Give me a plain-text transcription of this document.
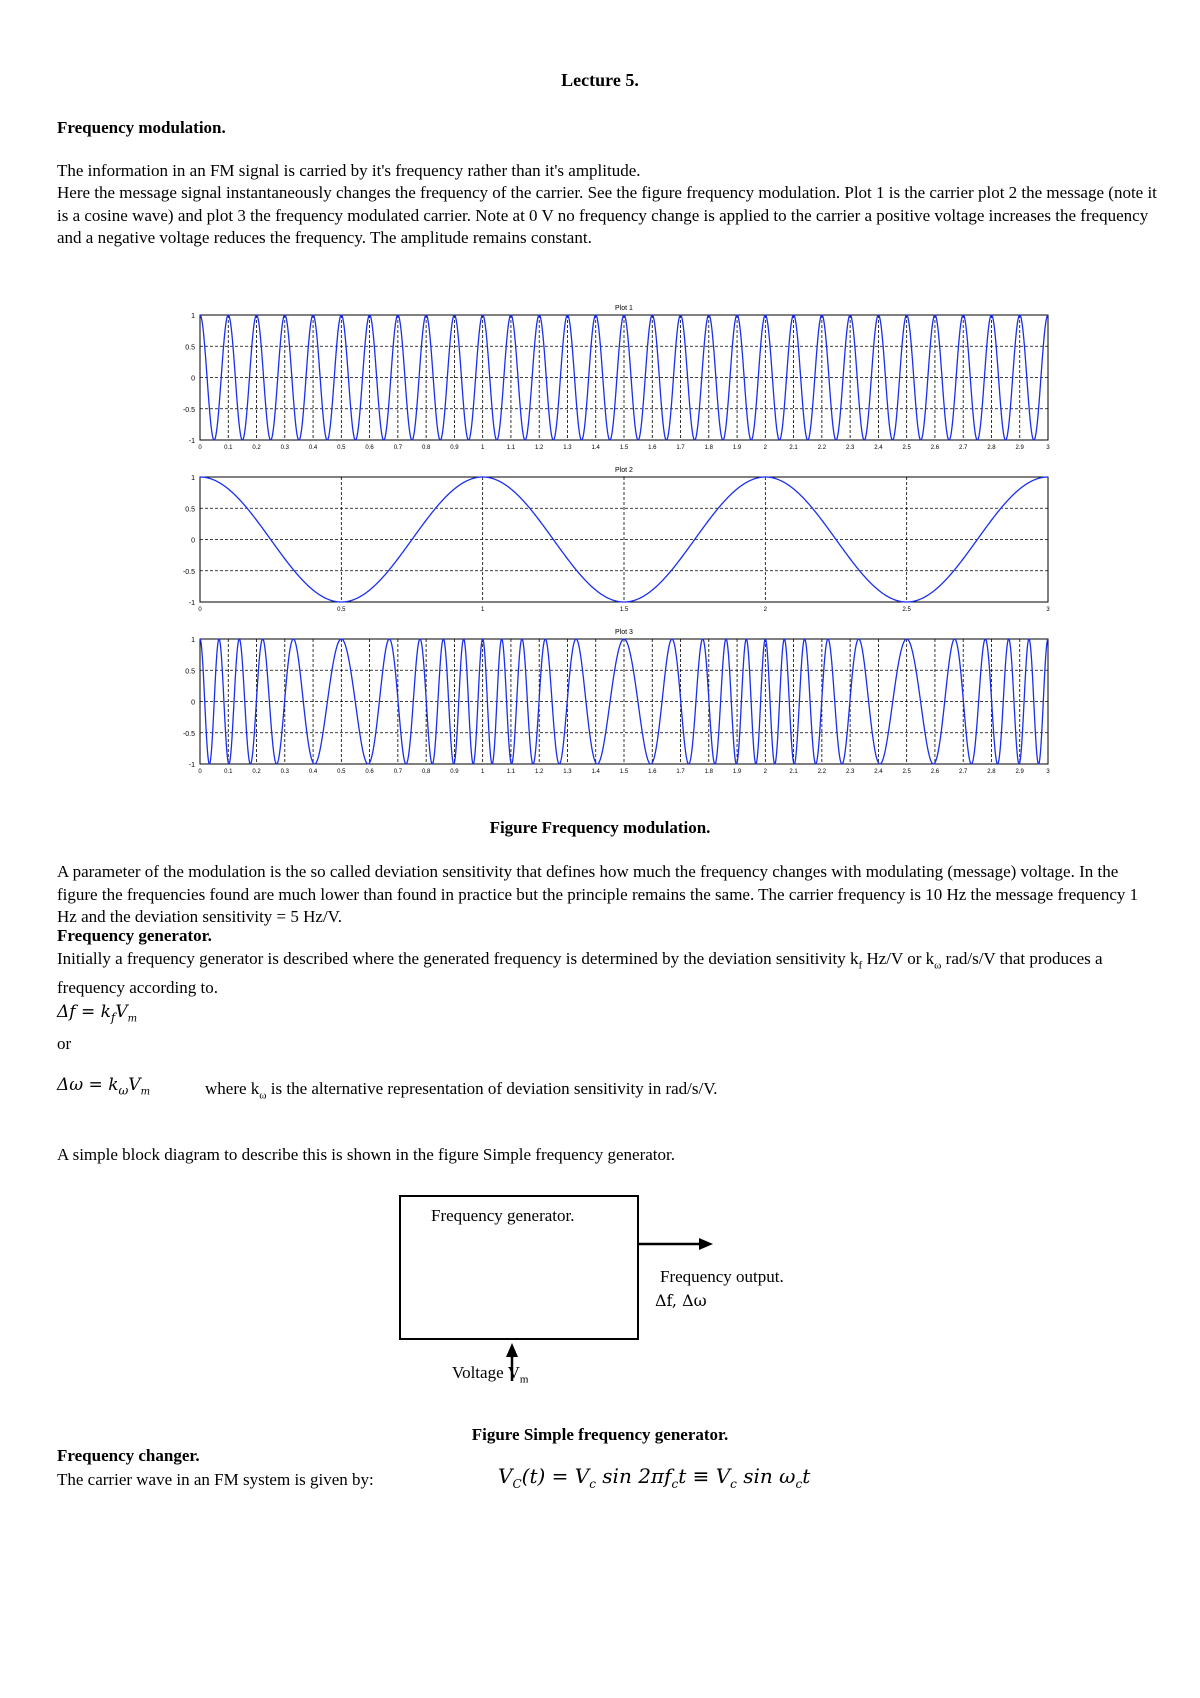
Lecture 5.
Frequency modulation.
The information in an FM signal is carried by it's frequency rather than it's amplitude.
Here the message signal instantaneously changes the frequency of the carrier. See the figure frequency modulation. Plot 1 is the carrier plot 2 the message (note it is a cosine wave) and plot 3 the frequency modulated carrier. Note at 0 V no frequency change is applied to the carrier a positive voltage increases the frequency and a negative voltage reduces the frequency. The amplitude remains constant.
Plot 1
1
0.5
0
-0.5
-1
0	0.1	0.2	0.3	0.4	0.5	0.6	0.7	0.8	0.9	1	1.1	1.2	1.3	1.4	1.5	1.6	1.7	1.8	1.9	2	2.1	2.2	2.3	2.4	2.5	2.6	2.7	2.8	2.9	3
Plot 2
1
0.5
0
-0.5
-1
0	0.5	1	1.5	2	2.5	3
Plot 3
1
0.5
0
-0.5
-1
0	0.1	0.2	0.3	0.4	0.5	0.6	0.7	0.8	0.9	1	1.1	1.2	1.3	1.4	1.5	1.6	1.7	1.8	1.9	2	2.1	2.2	2.3	2.4	2.5	2.6	2.7	2.8	2.9	3
Figure Frequency modulation.
A parameter of the modulation is the so called deviation sensitivity that defines how much the frequency changes with modulating (message) voltage. In the figure the frequencies found are much lower than found in practice but the principle remains the same. The carrier frequency is 10 Hz the message frequency 1 Hz and the deviation sensitivity = 5 Hz/V.
Frequency generator.
Initially a frequency generator is described where the generated frequency is determined by the deviation sensitivity $k_f$ Hz/V or $k_\omega$ rad/s/V that produces a frequency according to.
$\Delta f = k_fV_m$
or
$\Delta\omega = k_\omega V_m$	where $k_\omega$ is the alternative representation of deviation sensitivity in rad/s/V.
A simple block diagram to describe this is shown in the figure Simple frequency generator.
Frequency generator.
Frequency output.
Δf, Δω
Voltage $V_m$
Figure Simple frequency generator.
Frequency changer.
The carrier wave in an FM system is given by:	$V_C(t) = V_c$ $\sin 2\pi f_ct \equiv V_c$ $\sin \omega_ct$
